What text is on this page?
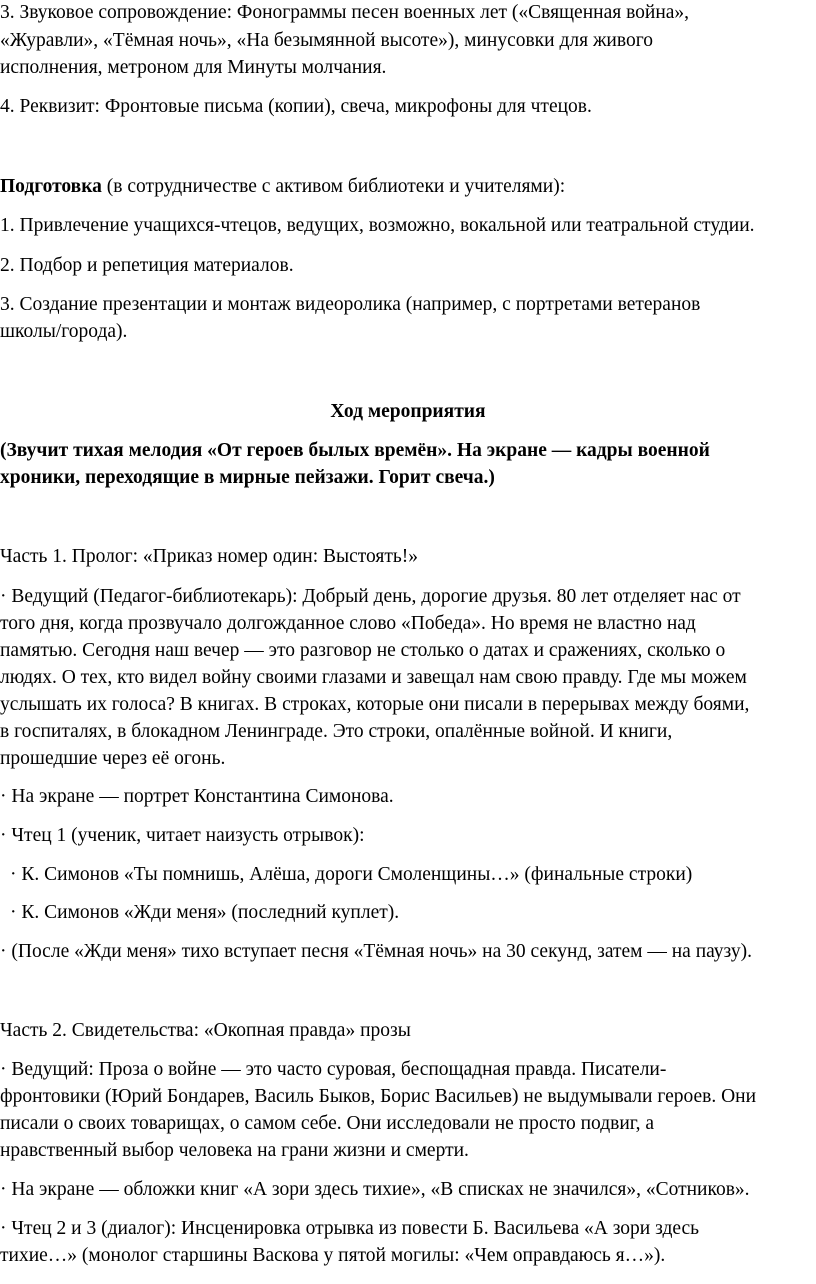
3. Звуковое сопровождение: Фонограммы песен военных лет («Священная война»,
«Журавли», «Тёмная ночь», «На безымянной высоте»), минусовки для живого
исполнения, метроном для Минуты молчания.
4. Реквизит: Фронтовые письма (копии), свеча, микрофоны для чтецов.
Подготовка (в сотрудничестве с активом библиотеки и учителями):
1. Привлечение учащихся-чтецов, ведущих, возможно, вокальной или театральной студии.
2. Подбор и репетиция материалов.
3. Создание презентации и монтаж видеоролика (например, с портретами ветеранов
школы/города).
Ход мероприятия
(Звучит тихая мелодия «От героев былых времён». На экране — кадры военной
хроники, переходящие в мирные пейзажи. Горит свеча.)
Часть 1. Пролог: «Приказ номер один: Выстоять!»
· Ведущий (Педагог-библиотекарь): Добрый день, дорогие друзья. 80 лет отделяет нас от
того дня, когда прозвучало долгожданное слово «Победа». Но время не властно над
памятью. Сегодня наш вечер — это разговор не столько о датах и сражениях, сколько о
людях. О тех, кто видел войну своими глазами и завещал нам свою правду. Где мы можем
услышать их голоса? В книгах. В строках, которые они писали в перерывах между боями,
в госпиталях, в блокадном Ленинграде. Это строки, опалённые войной. И книги,
прошедшие через её огонь.
· На экране — портрет Константина Симонова.
· Чтец 1 (ученик, читает наизусть отрывок):
· К. Симонов «Ты помнишь, Алёша, дороги Смоленщины…» (финальные строки)
· К. Симонов «Жди меня» (последний куплет).
· (После «Жди меня» тихо вступает песня «Тёмная ночь» на 30 секунд, затем — на паузу).
Часть 2. Свидетельства: «Окопная правда» прозы
· Ведущий: Проза о войне — это часто суровая, беспощадная правда. Писатели-
фронтовики (Юрий Бондарев, Василь Быков, Борис Васильев) не выдумывали героев. Они
писали о своих товарищах, о самом себе. Они исследовали не просто подвиг, а
нравственный выбор человека на грани жизни и смерти.
· На экране — обложки книг «А зори здесь тихие», «В списках не значился», «Сотников».
· Чтец 2 и 3 (диалог): Инсценировка отрывка из повести Б. Васильева «А зори здесь
тихие…» (монолог старшины Васкова у пятой могилы: «Чем оправдаюсь я…»).
